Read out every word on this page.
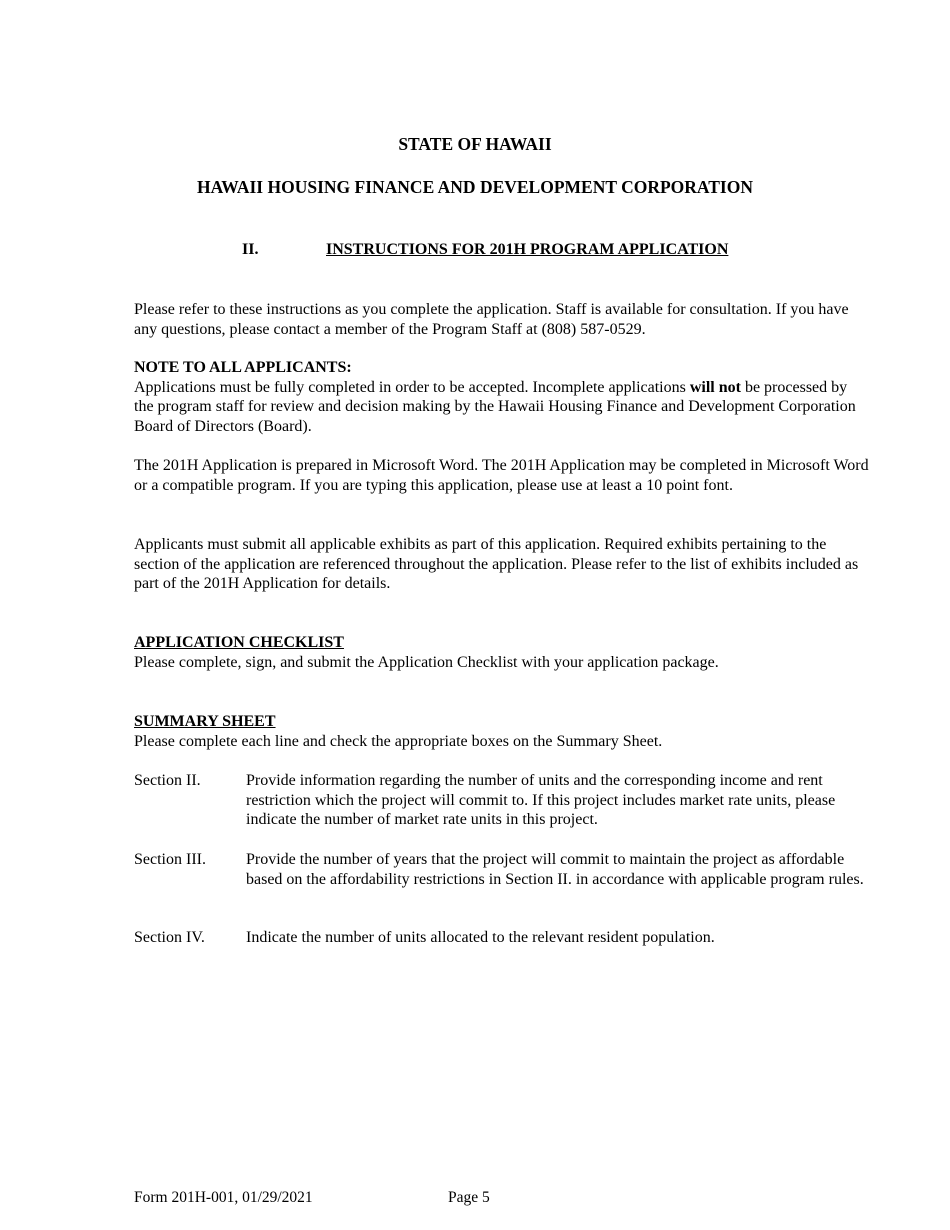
STATE OF HAWAII
HAWAII HOUSING FINANCE AND DEVELOPMENT CORPORATION
II.	INSTRUCTIONS FOR 201H PROGRAM APPLICATION

Please refer to these instructions as you complete the application. Staff is available for consultation. If you have any questions, please contact a member of the Program Staff at (808) 587-0529.

NOTE TO ALL APPLICANTS:

Applications must be fully completed in order to be accepted. Incomplete applications will not be processed by the program staff for review and decision making by the Hawaii Housing Finance and Development Corporation Board of Directors (Board).

The 201H Application is prepared in Microsoft Word. The 201H Application may be completed in Microsoft Word or a compatible program. If you are typing this application, please use at least a 10 point font.

Applicants must submit all applicable exhibits as part of this application. Required exhibits pertaining to the section of the application are referenced throughout the application. Please refer to the list of exhibits included as part of the 201H Application for details.

APPLICATION CHECKLIST

Please complete, sign, and submit the Application Checklist with your application package.

SUMMARY SHEET

Please complete each line and check the appropriate boxes on the Summary Sheet.

Section II.	Provide information regarding the number of units and the corresponding income and rent restriction which the project will commit to. If this project includes market rate units, please indicate the number of market rate units in this project.
Section III.	Provide the number of years that the project will commit to maintain the project as affordable based on the affordability restrictions in Section II. in accordance with applicable program rules.
Section IV.	Indicate the number of units allocated to the relevant resident population.
Form 201H-001, 01/29/2021	Page 5
